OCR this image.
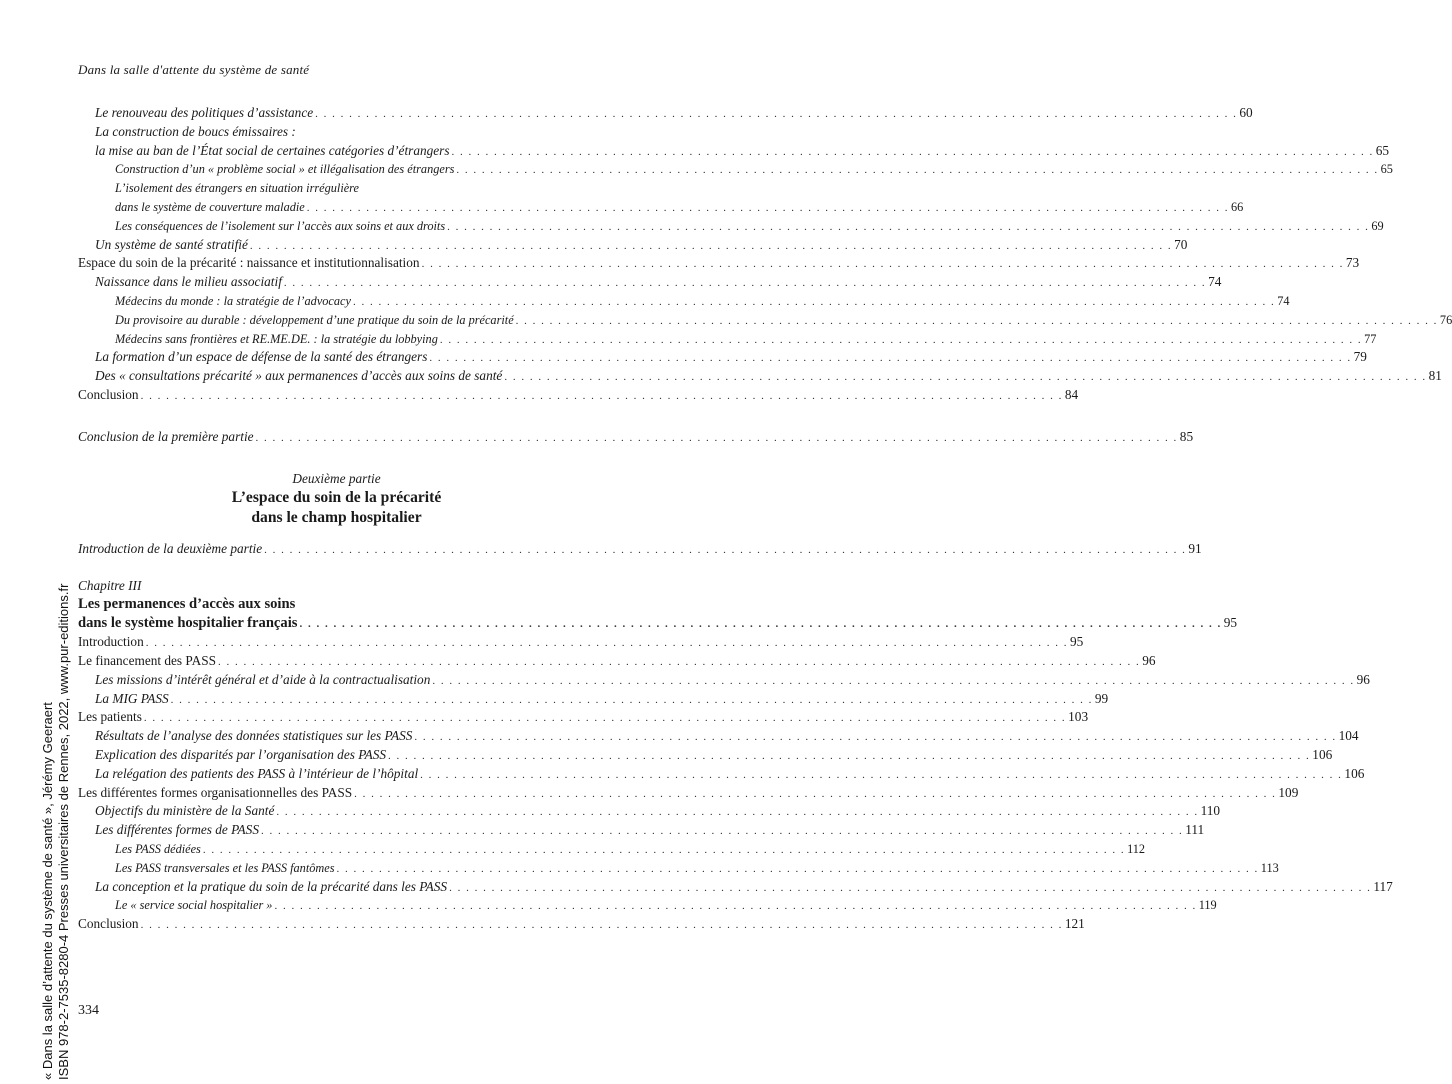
Dans la salle d'attente du système de santé
Le renouveau des politiques d’assistance . . .	60
La construction de boucs émissaires :
la mise au ban de l’État social de certaines catégories d’étrangers . . .	65
Construction d’un « problème social » et illégalisation des étrangers . . .	65
L’isolement des étrangers en situation irrégulière
dans le système de couverture maladie . . .	66
Les conséquences de l’isolement sur l’accès aux soins et aux droits . . .	69
Un système de santé stratifié . . .	70
Espace du soin de la précarité : naissance et institutionnalisation . . .	73
Naissance dans le milieu associatif . . .	74
Médecins du monde : la stratégie de l’advocacy . . .	74
Du provisoire au durable : développement d’une pratique du soin de la précarité . . .	76
Médecins sans frontières et RE.ME.DE. : la stratégie du lobbying . . .	77
La formation d’un espace de défense de la santé des étrangers . . .	79
Des « consultations précarité » aux permanences d’accès aux soins de santé . . .	81
Conclusion . . .	84
Conclusion de la première partie . . .	85
Deuxième partie
L’espace du soin de la précarité
dans le champ hospitalier
Introduction de la deuxième partie . . .	91
Chapitre III
Les permanences d’accès aux soins
dans le système hospitalier français . . .	95
Introduction . . .	95
Le financement des PASS . . .	96
Les missions d’intérêt général et d’aide à la contractualisation . . .	96
La MIG PASS . . .	99
Les patients . . .	103
Résultats de l’analyse des données statistiques sur les PASS . . .	104
Explication des disparités par l’organisation des PASS . . .	106
La relégation des patients des PASS à l’intérieur de l’hôpital . . .	106
Les différentes formes organisationnelles des PASS . . .	109
Objectifs du ministère de la Santé . . .	110
Les différentes formes de PASS . . .	111
Les PASS dédiées . . .	112
Les PASS transversales et les PASS fantômes . . .	113
La conception et la pratique du soin de la précarité dans les PASS . . .	117
Le « service social hospitalier » . . .	119
Conclusion . . .	121
334
« Dans la salle d’attente du système de santé », Jérémy Geeraert ISBN 978-2-7535-8280-4 Presses universitaires de Rennes, 2022, www.pur-editions.fr
